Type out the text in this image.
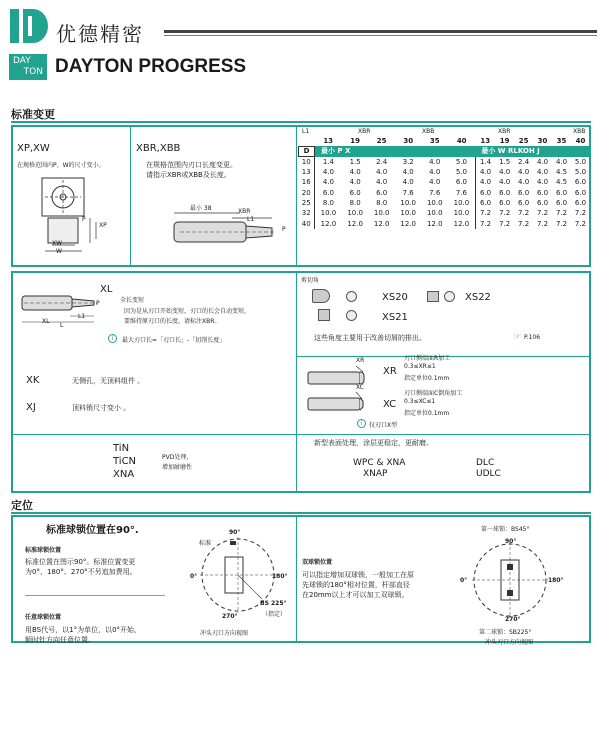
优德精密
DAY
TON DAYTON PROGRESS
标准变更
XP,XW
在规格范围内P、W的尺寸变小。
XW
W
XP
P
XBR,XBB
在规格范围内刃口长度变更。
请指示XBR或XBB及长度。
最小 38	XBR
L1
P
L1	XBR	XBB	XBR	XBB
	13	19	25	30	35	40	13	19	25	30	35	40
D	最小 P X						最小 W RLKOH J					
10	1.4	1.5	2.4	3.2	4.0	5.0	1.4	1.5	2.4	4.0	4.0	5.0
13	4.0	4.0	4.0	4.0	4.0	5.0	4.0	4.0	4.0	4.0	4.5	5.0
16	4.0	4.0	4.0	4.0	4.0	6.0	4.0	4.0	4.0	4.0	4.5	6.0
20	6.0	6.0	6.0	7.6	7.6	7.6	6.0	6.0	6.0	6.0	6.0	6.0
25	8.0	8.0	8.0	10.0	10.0	10.0	6.0	6.0	6.0	6.0	6.0	6.0
32	10.0	10.0	10.0	10.0	10.0	10.0	7.2	7.2	7.2	7.2	7.2	7.2
40	12.0	12.0	12.0	12.0	12.0	12.0	7.2	7.2	7.2	7.2	7.2	7.2
XL
全长变短
因为是从刃口开始变短，刃口的长会自动变短，
要维持原刃口的长度，请标注XBR。
L1
XL
L
P
i	最大刃口长=「刃口长」-「切削长度」
XK	无侧孔，无顶料组件 。
XJ	顶料销尺寸变小 。
剪切角
XS20	XS22
XS21
这些角度主要用于改善切屑的排出。	☞ P.106
XR
XC
XR
刃口侧端面R加工
0.3≤XR≤1
指定单位0.1mm
XC
刃口侧端面C倒角加工
0.3≤XC≤1
指定单位0.1mm
i	仅刃口X型
TiN
TiCN
XNA
PVD处理，
增加耐磨性
新型表面处理，涂层更稳定，更耐磨。
WPC & XNA
XNAP
DLC
UDLC
定位
标准球锁位置在90°.
标准球锁位置
标准位置在图示90°。标准位置变更
为0°、180°、270°不另追加费用。
任意球锁位置
用BS代号，以1°为单位，以0°开始，
顺时针方向任意位置。
标准
90°
0°	180°
270°
BS 225°
（指定）
冲头刃口方向视图
双球锁位置
可以指定增加双球锁，一般加工在原
先球锁的180°相对位置，杆部直径
在20mm以上才可以加工双球锁。
第一球锁：BS45°
90°
0°	180°
270°
第二球锁：SB225°
冲头刃口方向视图
